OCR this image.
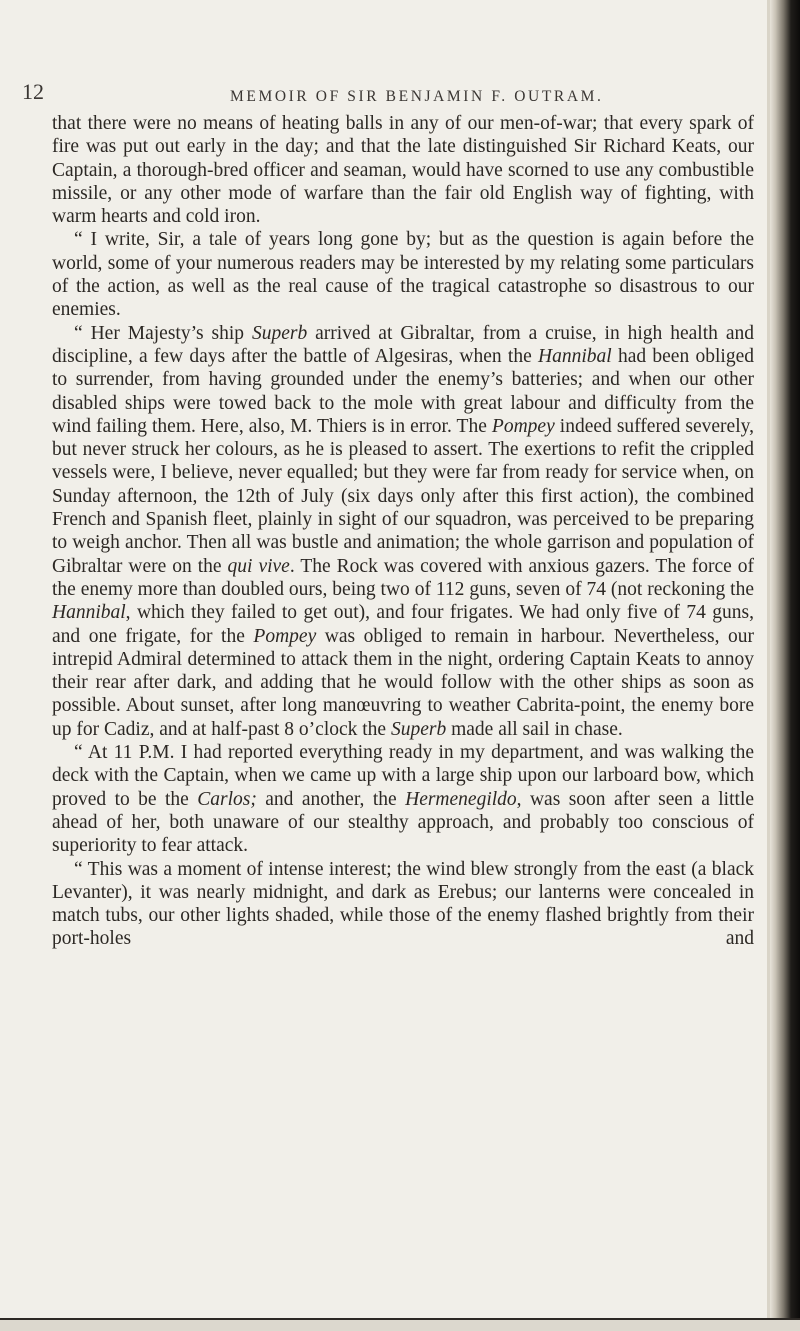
12	MEMOIR OF SIR BENJAMIN F. OUTRAM.

that there were no means of heating balls in any of our men-of-war; that every spark of fire was put out early in the day; and that the late distinguished Sir Richard Keats, our Captain, a thorough-bred officer and seaman, would have scorned to use any combustible missile, or any other mode of warfare than the fair old English way of fighting, with warm hearts and cold iron.

“ I write, Sir, a tale of years long gone by; but as the question is again before the world, some of your numerous readers may be interested by my relating some particulars of the action, as well as the real cause of the tragical catastrophe so disastrous to our enemies.

“ Her Majesty’s ship Superb arrived at Gibraltar, from a cruise, in high health and discipline, a few days after the battle of Algesiras, when the Hannibal had been obliged to surrender, from having grounded under the enemy’s batteries; and when our other disabled ships were towed back to the mole with great labour and difficulty from the wind failing them. Here, also, M. Thiers is in error. The Pompey indeed suffered severely, but never struck her colours, as he is pleased to assert. The exertions to refit the crippled vessels were, I believe, never equalled; but they were far from ready for service when, on Sunday afternoon, the 12th of July (six days only after this first action), the combined French and Spanish fleet, plainly in sight of our squadron, was perceived to be preparing to weigh anchor. Then all was bustle and animation; the whole garrison and population of Gibraltar were on the qui vive. The Rock was covered with anxious gazers. The force of the enemy more than doubled ours, being two of 112 guns, seven of 74 (not reckoning the Hannibal, which they failed to get out), and four frigates. We had only five of 74 guns, and one frigate, for the Pompey was obliged to remain in harbour. Nevertheless, our intrepid Admiral determined to attack them in the night, ordering Captain Keats to annoy their rear after dark, and adding that he would follow with the other ships as soon as possible. About sunset, after long manœuvring to weather Cabrita-point, the enemy bore up for Cadiz, and at half-past 8 o’clock the Superb made all sail in chase.

“ At 11 P.M. I had reported everything ready in my department, and was walking the deck with the Captain, when we came up with a large ship upon our larboard bow, which proved to be the Carlos; and another, the Hermenegildo, was soon after seen a little ahead of her, both unaware of our stealthy approach, and probably too conscious of superiority to fear attack.

“ This was a moment of intense interest; the wind blew strongly from the east (a black Levanter), it was nearly midnight, and dark as Erebus; our lanterns were concealed in match tubs, our other lights shaded, while those of the enemy flashed brightly from their port-holes and
